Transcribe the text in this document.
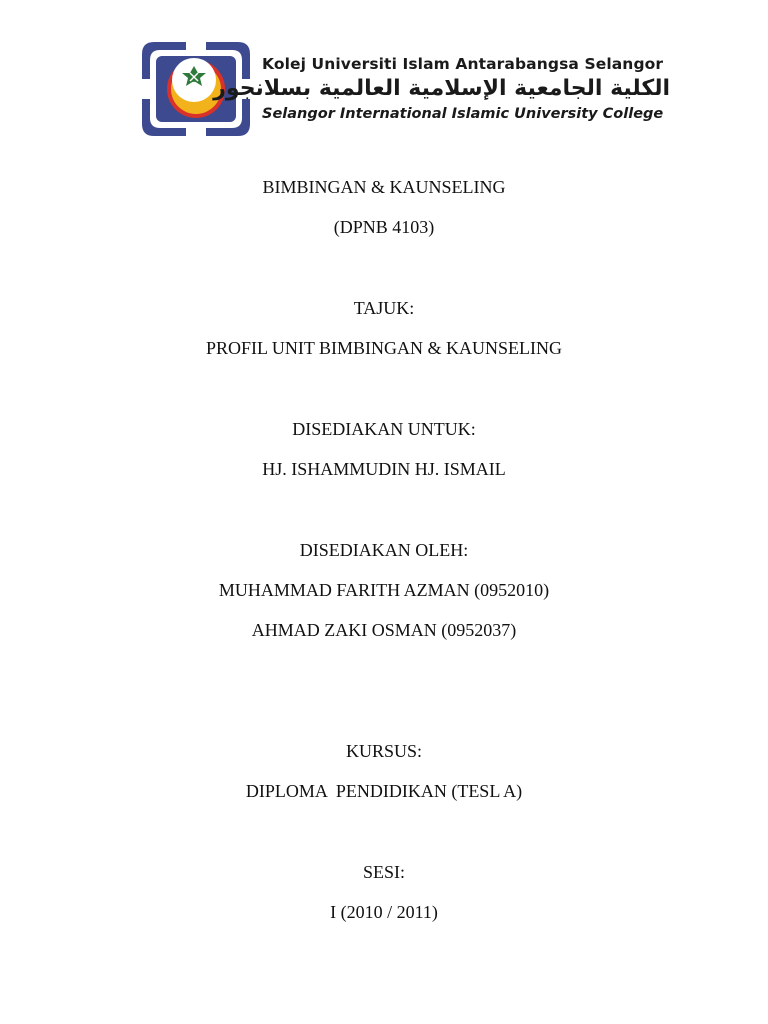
Kolej Universiti Islam Antarabangsa Selangor
الكلية الجامعية الإسلامية العالمية بسلانجور
Selangor International Islamic University College
BIMBINGAN & KAUNSELING
(DPNB 4103)
TAJUK:
PROFIL UNIT BIMBINGAN & KAUNSELING
DISEDIAKAN UNTUK:
HJ. ISHAMMUDIN HJ. ISMAIL
DISEDIAKAN OLEH:
MUHAMMAD FARITH AZMAN (0952010)
AHMAD ZAKI OSMAN (0952037)
KURSUS:
DIPLOMA  PENDIDIKAN (TESL A)
SESI:
I (2010 / 2011)
